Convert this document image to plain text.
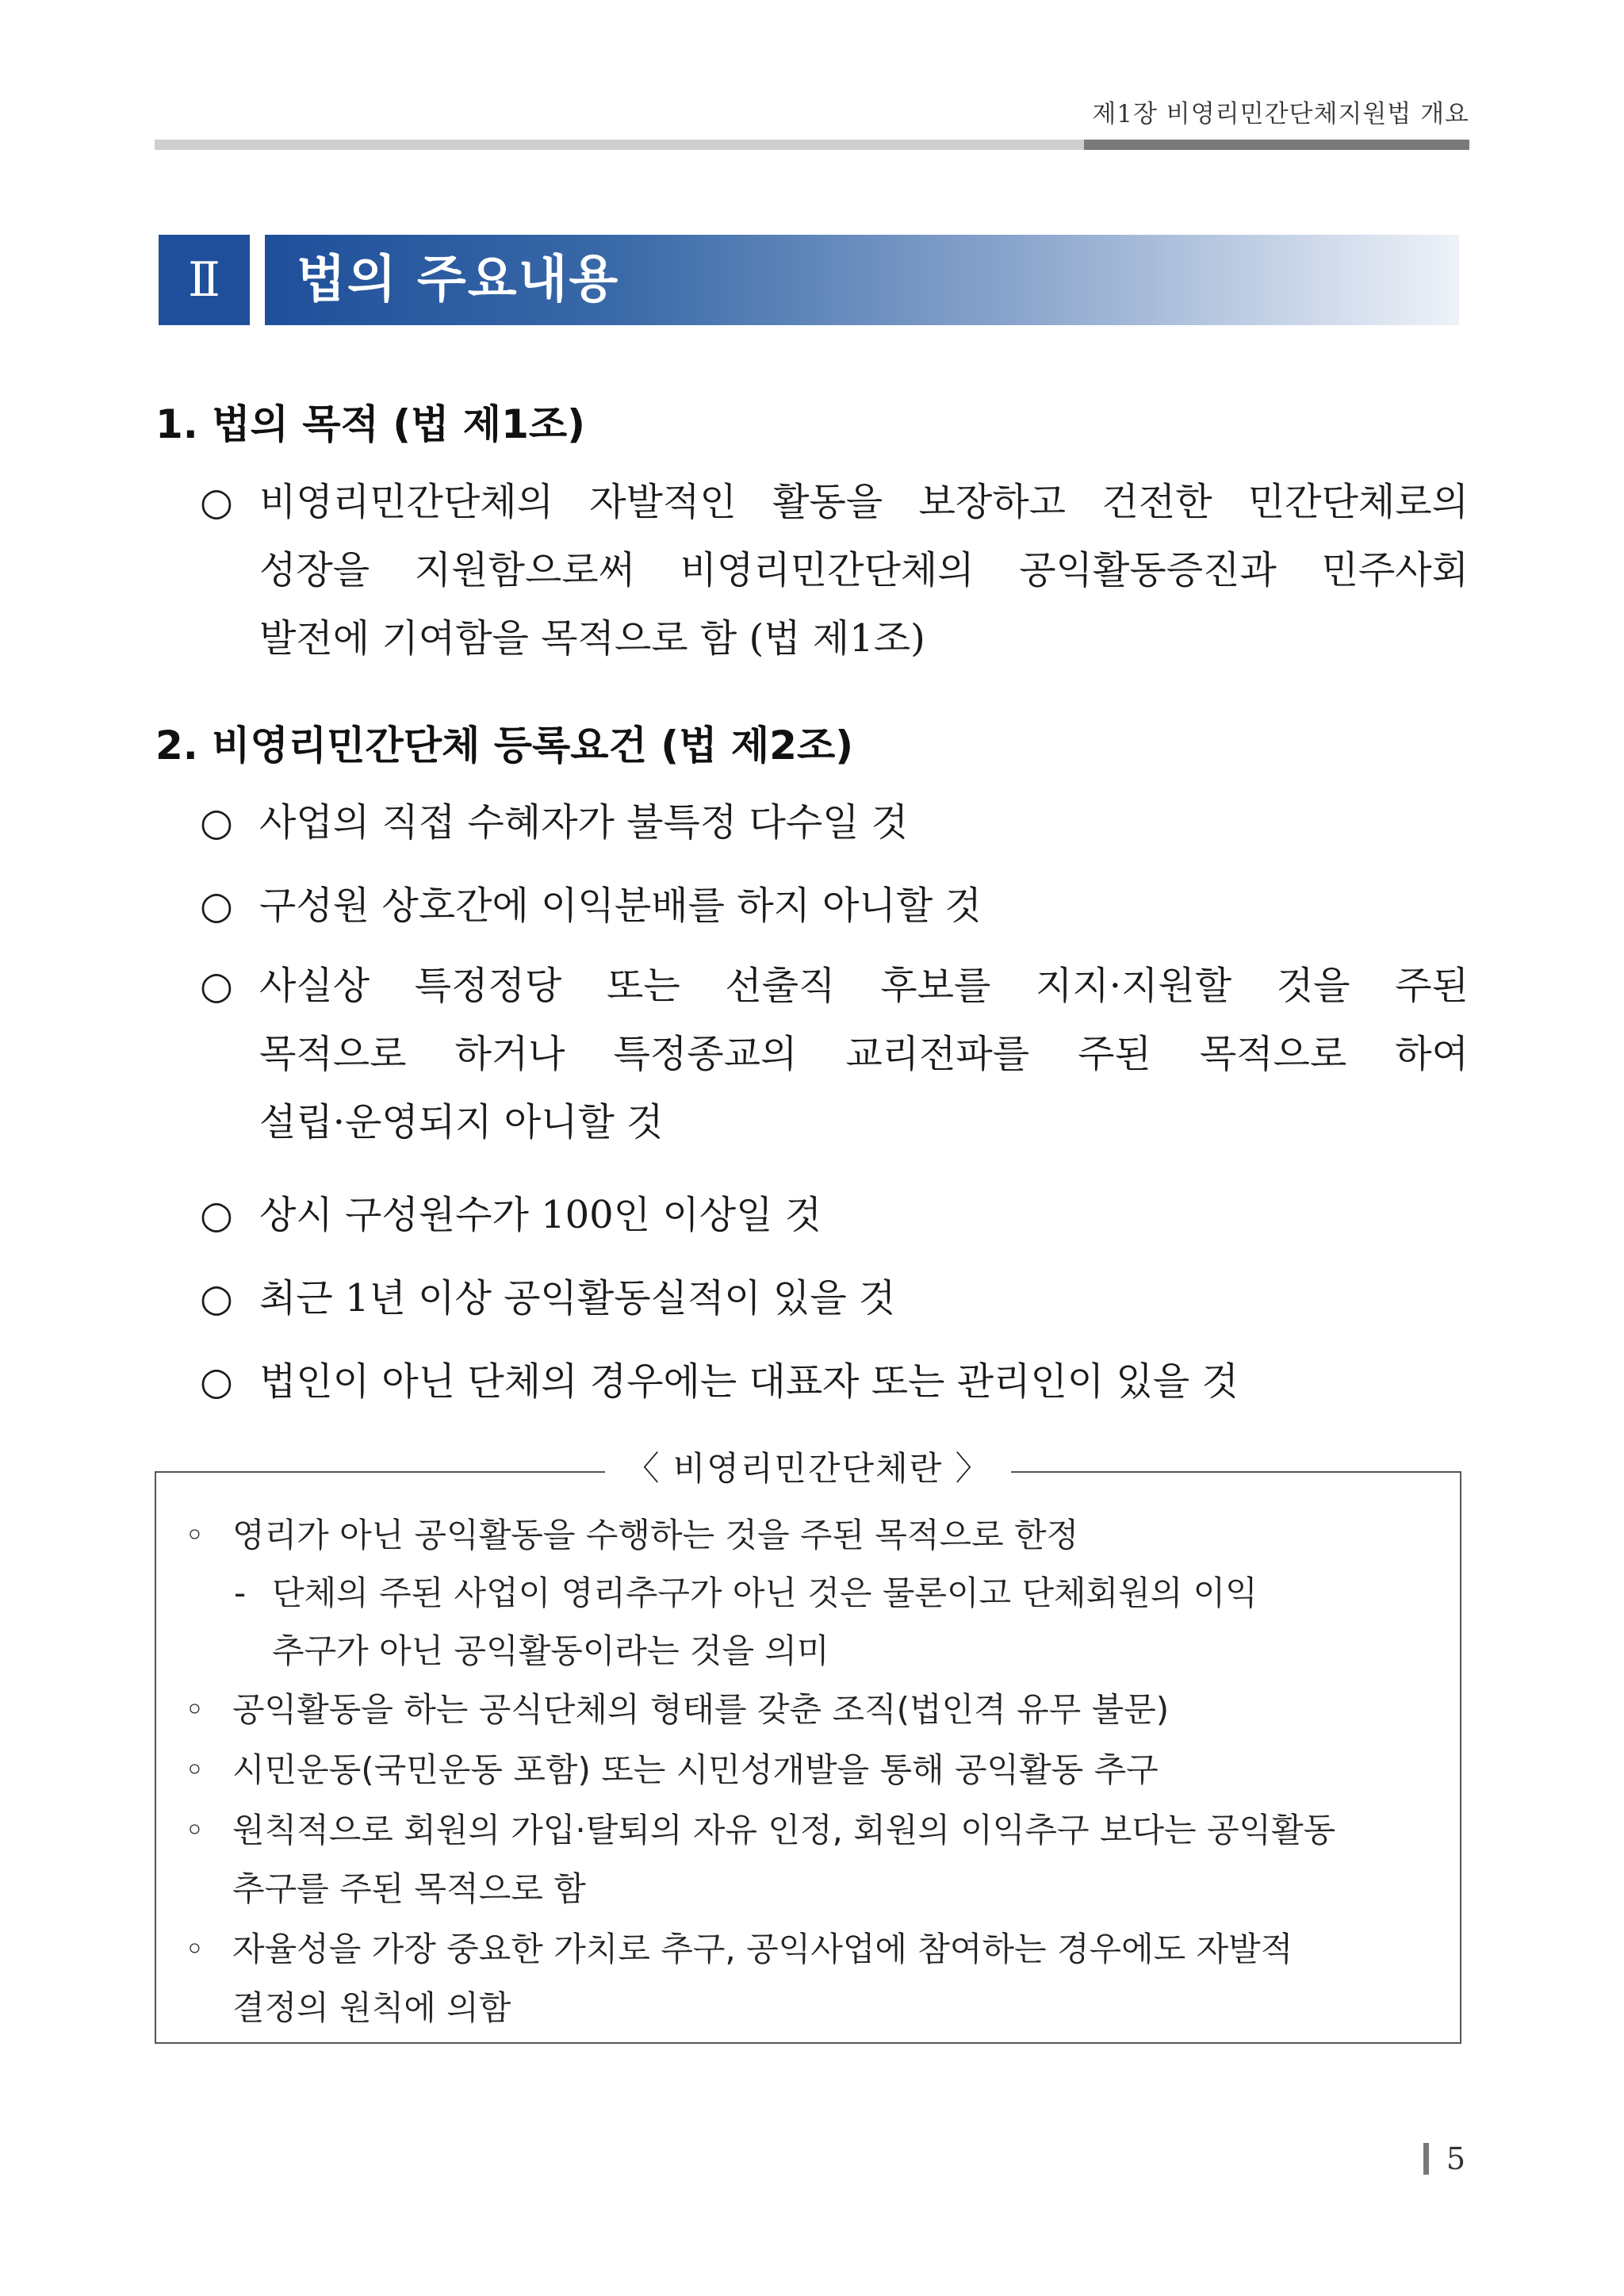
제1장 비영리민간단체지원법 개요
Ⅱ	법의 주요내용
1. 법의 목적 (법 제1조)
○ 비영리민간단체의 자발적인 활동을 보장하고 건전한 민간단체로의
성장을 지원함으로써 비영리민간단체의 공익활동증진과 민주사회
발전에 기여함을 목적으로 함 (법 제1조)
2. 비영리민간단체 등록요건 (법 제2조)
○ 사업의 직접 수혜자가 불특정 다수일 것
○ 구성원 상호간에 이익분배를 하지 아니할 것
○ 사실상 특정정당 또는 선출직 후보를 지지·지원할 것을 주된
목적으로 하거나 특정종교의 교리전파를 주된 목적으로 하여
설립·운영되지 아니할 것
○ 상시 구성원수가 100인 이상일 것
○ 최근 1년 이상 공익활동실적이 있을 것
○ 법인이 아닌 단체의 경우에는 대표자 또는 관리인이 있을 것
〈 비영리민간단체란 〉
◦ 영리가 아닌 공익활동을 수행하는 것을 주된 목적으로 한정
- 단체의 주된 사업이 영리추구가 아닌 것은 물론이고 단체회원의 이익
추구가 아닌 공익활동이라는 것을 의미
◦ 공익활동을 하는 공식단체의 형태를 갖춘 조직(법인격 유무 불문)
◦ 시민운동(국민운동 포함) 또는 시민성개발을 통해 공익활동 추구
◦ 원칙적으로 회원의 가입·탈퇴의 자유 인정, 회원의 이익추구 보다는 공익활동
추구를 주된 목적으로 함
◦ 자율성을 가장 중요한 가치로 추구, 공익사업에 참여하는 경우에도 자발적
결정의 원칙에 의함
5
